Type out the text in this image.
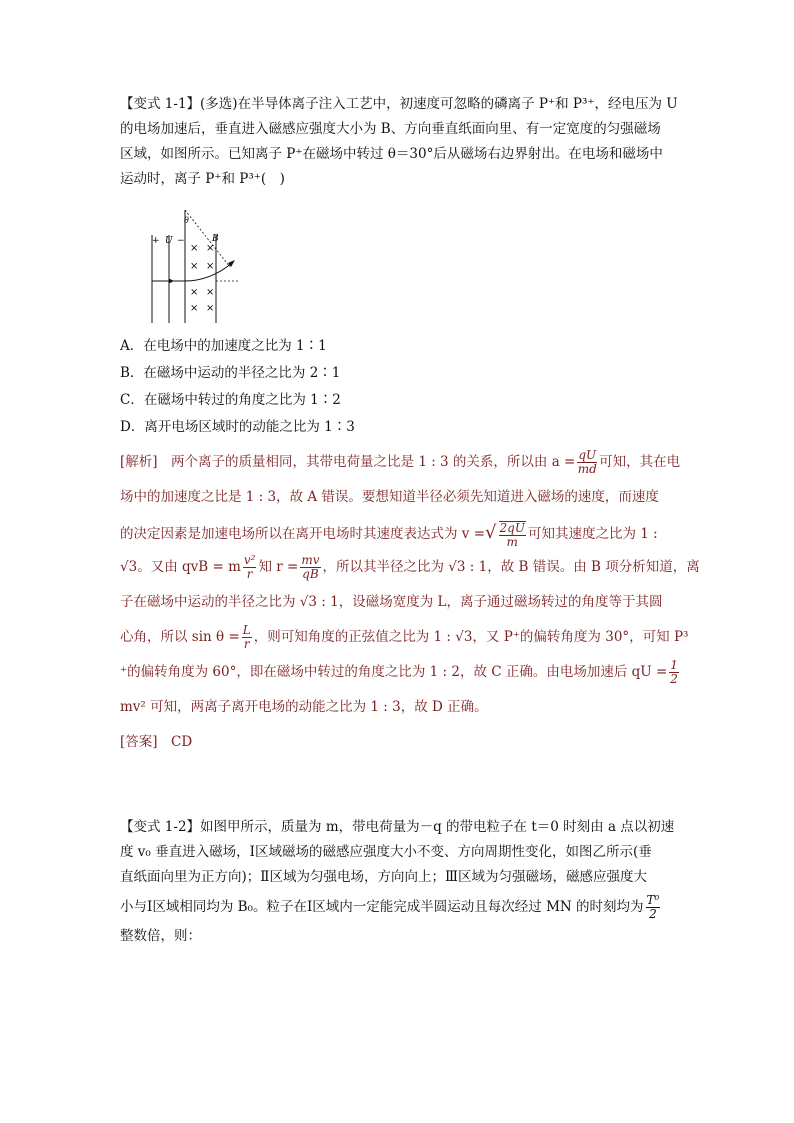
【变式 1-1】(多选)在半导体离子注入工艺中，初速度可忽略的磷离子 P⁺和 P³⁺，经电压为 U
的电场加速后，垂直进入磁感应强度大小为 B、方向垂直纸面向里、有一定宽度的匀强磁场
区域，如图所示。已知离子 P⁺在磁场中转过 θ＝30°后从磁场右边界射出。在电场和磁场中
运动时，离子 P⁺和 P³⁺(　)
+ U −
θ
B
× ×
× ×
× ×
× ×
A．在电场中的加速度之比为 1∶1
B．在磁场中运动的半径之比为 2∶1
C．在磁场中转过的角度之比为 1∶2
D．离开电场区域时的动能之比为 1∶3
[解析]　两个离子的质量相同，其带电荷量之比是 1 : 3 的关系，所以由 $a = \frac{qU}{md}$ 可知，其在电
场中的加速度之比是 1 : 3，故 A 错误。要想知道半径必须先知道进入磁场的速度，而速度
的决定因素是加速电场所以在离开电场时其速度表达式为 v =√ $\frac{2qU}{m}$ 可知其速度之比为 1 :
√3。又由 qvB = m $\frac{\text{v²}}{r}$ 知 $r = \frac{mv}{qB}$ ，所以其半径之比为 √3 : 1，故 B 错误。由 B 项分析知道，离
子在磁场中运动的半径之比为 √3 : 1，设磁场宽度为 L，离子通过磁场转过的角度等于其圆
心角，所以 $\sin \theta = \frac{L}{r}$ ，则可知角度的正弦值之比为 1 : √3，又 P⁺的偏转角度为 30°，可知 P³
⁺的偏转角度为 60°，即在磁场中转过的角度之比为 1 : 2，故 C 正确。由电场加速后 qU = $\frac{1}{2}$
mv² 可知，两离子离开电场的动能之比为 1 : 3，故 D 正确。
[答案]　CD
【变式 1-2】如图甲所示，质量为 m，带电荷量为－q 的带电粒子在 t＝0 时刻由 a 点以初速
度 v₀ 垂直进入磁场，Ⅰ区域磁场的磁感应强度大小不变、方向周期性变化，如图乙所示(垂
直纸面向里为正方向)；Ⅱ区域为匀强电场，方向向上；Ⅲ区域为匀强磁场，磁感应强度大
小与Ⅰ区域相同均为 B₀。粒子在Ⅰ区域内一定能完成半圆运动且每次经过 MN 的时刻均为 $\frac{\text{T⁰}}{2}$
整数倍，则：
